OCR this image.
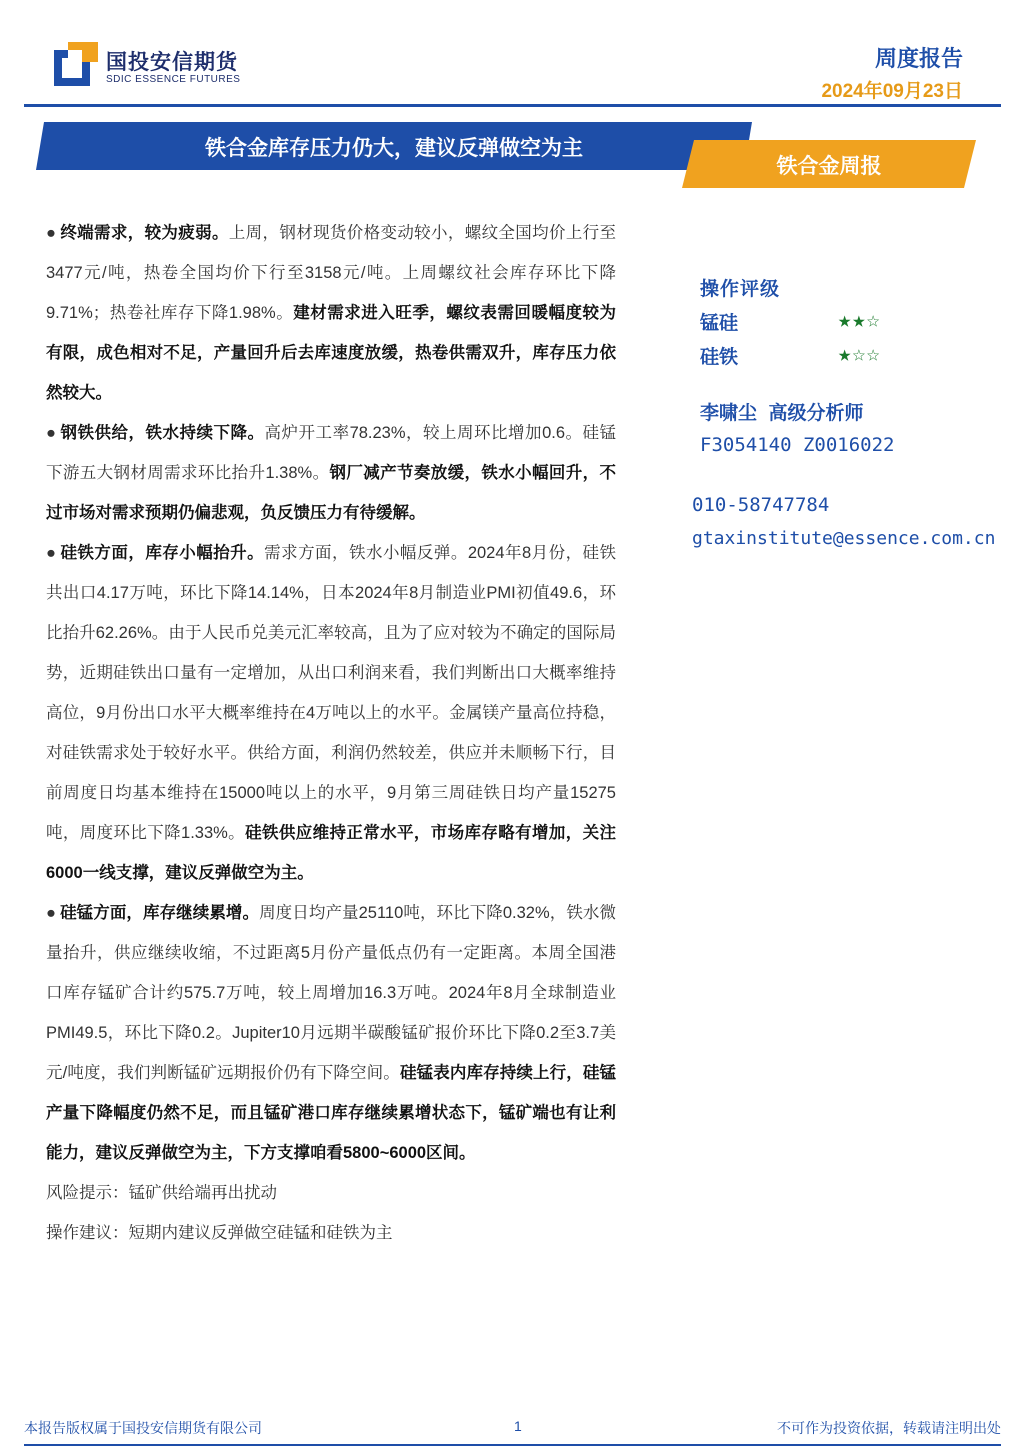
国投安信期货
SDIC ESSENCE FUTURES
周度报告
2024年09月23日
铁合金库存压力仍大，建议反弹做空为主
铁合金周报

● 终端需求，较为疲弱。上周，钢材现货价格变动较小，螺纹全国均价上行至3477元/吨，热卷全国均价下行至3158元/吨。上周螺纹社会库存环比下降9.71%；热卷社库存下降1.98%。建材需求进入旺季，螺纹表需回暖幅度较为有限，成色相对不足，产量回升后去库速度放缓，热卷供需双升，库存压力依然较大。

● 钢铁供给，铁水持续下降。高炉开工率78.23%，较上周环比增加0.6。硅锰下游五大钢材周需求环比抬升1.38%。钢厂减产节奏放缓，铁水小幅回升，不过市场对需求预期仍偏悲观，负反馈压力有待缓解。

● 硅铁方面，库存小幅抬升。需求方面，铁水小幅反弹。2024年8月份，硅铁共出口4.17万吨，环比下降14.14%，日本2024年8月制造业PMI初值49.6，环比抬升62.26%。由于人民币兑美元汇率较高，且为了应对较为不确定的国际局势，近期硅铁出口量有一定增加，从出口利润来看，我们判断出口大概率维持高位，9月份出口水平大概率维持在4万吨以上的水平。金属镁产量高位持稳，对硅铁需求处于较好水平。供给方面，利润仍然较差，供应并未顺畅下行，目前周度日均基本维持在15000吨以上的水平，9月第三周硅铁日均产量15275吨，周度环比下降1.33%。硅铁供应维持正常水平，市场库存略有增加，关注6000一线支撑，建议反弹做空为主。

● 硅锰方面，库存继续累增。周度日均产量25110吨，环比下降0.32%，铁水微量抬升，供应继续收缩，不过距离5月份产量低点仍有一定距离。本周全国港口库存锰矿合计约575.7万吨，较上周增加16.3万吨。2024年8月全球制造业PMI49.5，环比下降0.2。Jupiter10月远期半碳酸锰矿报价环比下降0.2至3.7美元/吨度，我们判断锰矿远期报价仍有下降空间。硅锰表内库存持续上行，硅锰产量下降幅度仍然不足，而且锰矿港口库存继续累增状态下，锰矿端也有让利能力，建议反弹做空为主，下方支撑咱看5800~6000区间。

风险提示：锰矿供给端再出扰动

操作建议：短期内建议反弹做空硅锰和硅铁为主

操作评级
锰硅	★★☆
硅铁	★☆☆
李啸尘 高级分析师
F3054140 Z0016022
010-58747784
gtaxinstitute@essence.com.cn
本报告版权属于国投安信期货有限公司	1	不可作为投资依据，转载请注明出处
